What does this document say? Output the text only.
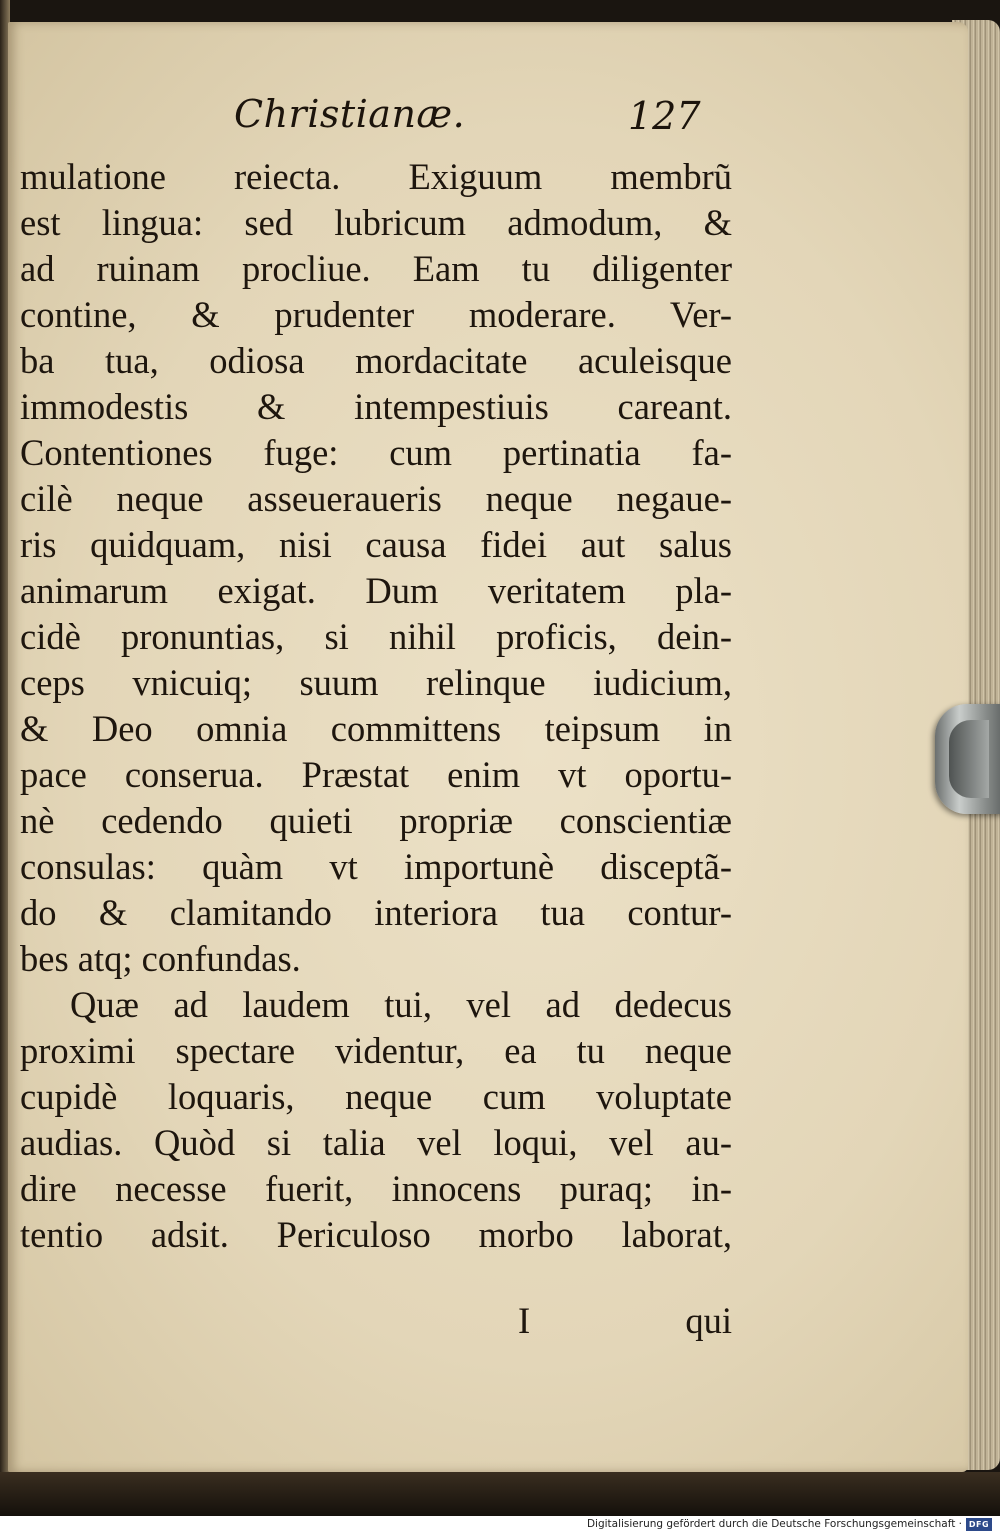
Christianæ.	127
mulatione reiecta. Exiguum membrũ
est lingua: sed lubricum admodum, &
ad ruinam procliue. Eam tu diligenter
contine, & prudenter moderare. Ver-
ba tua, odiosa mordacitate aculeisque
immodestis & intempestiuis careant.
Contentiones fuge: cum pertinatia fa-
cilè neque asseueraueris neque negaue-
ris quidquam, nisi causa fidei aut salus
animarum exigat. Dum veritatem pla-
cidè pronuntias, si nihil proficis, dein-
ceps vnicuiq; suum relinque iudicium,
& Deo omnia committens teipsum in
pace conserua. Præstat enim vt oportu-
nè cedendo quieti propriæ conscientiæ
consulas: quàm vt importunè disceptã-
do & clamitando interiora tua contur-
bes atq; confundas.
Quæ ad laudem tui, vel ad dedecus
proximi spectare videntur, ea tu neque
cupidè loquaris, neque cum voluptate
audias. Quòd si talia vel loqui, vel au-
dire necesse fuerit, innocens puraq; in-
tentio adsit. Periculoso morbo laborat,
I	qui
Digitalisierung gefördert durch die Deutsche Forschungsgemeinschaft · DFG
